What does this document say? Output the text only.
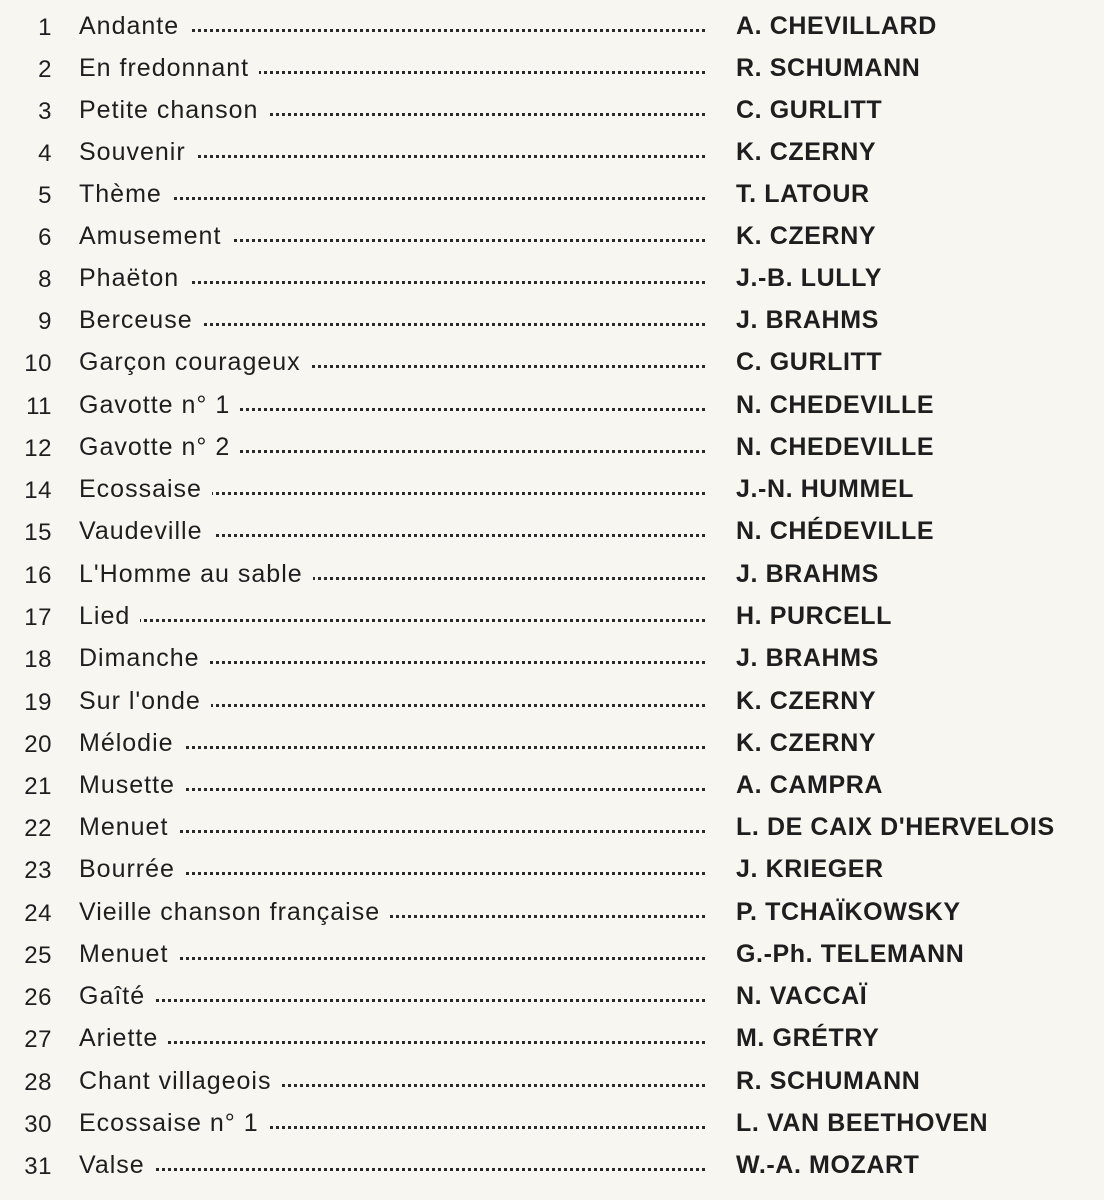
1 Andante	A. CHEVILLARD
2 En fredonnant	R. SCHUMANN
3 Petite chanson	C. GURLITT
4 Souvenir	K. CZERNY
5 Thème	T. LATOUR
6 Amusement	K. CZERNY
8 Phaëton	J.-B. LULLY
9 Berceuse	J. BRAHMS
10 Garçon courageux	C. GURLITT
11 Gavotte n° 1	N. CHEDEVILLE
12 Gavotte n° 2	N. CHEDEVILLE
14 Ecossaise	J.-N. HUMMEL
15 Vaudeville	N. CHÉDEVILLE
16 L'Homme au sable	J. BRAHMS
17 Lied	H. PURCELL
18 Dimanche	J. BRAHMS
19 Sur l'onde	K. CZERNY
20 Mélodie	K. CZERNY
21 Musette	A. CAMPRA
22 Menuet	L. DE CAIX D'HERVELOIS
23 Bourrée	J. KRIEGER
24 Vieille chanson française	P. TCHAÏKOWSKY
25 Menuet	G.-Ph. TELEMANN
26 Gaîté	N. VACCAÏ
27 Ariette	M. GRÉTRY
28 Chant villageois	R. SCHUMANN
30 Ecossaise n° 1	L. VAN BEETHOVEN
31 Valse	W.-A. MOZART
